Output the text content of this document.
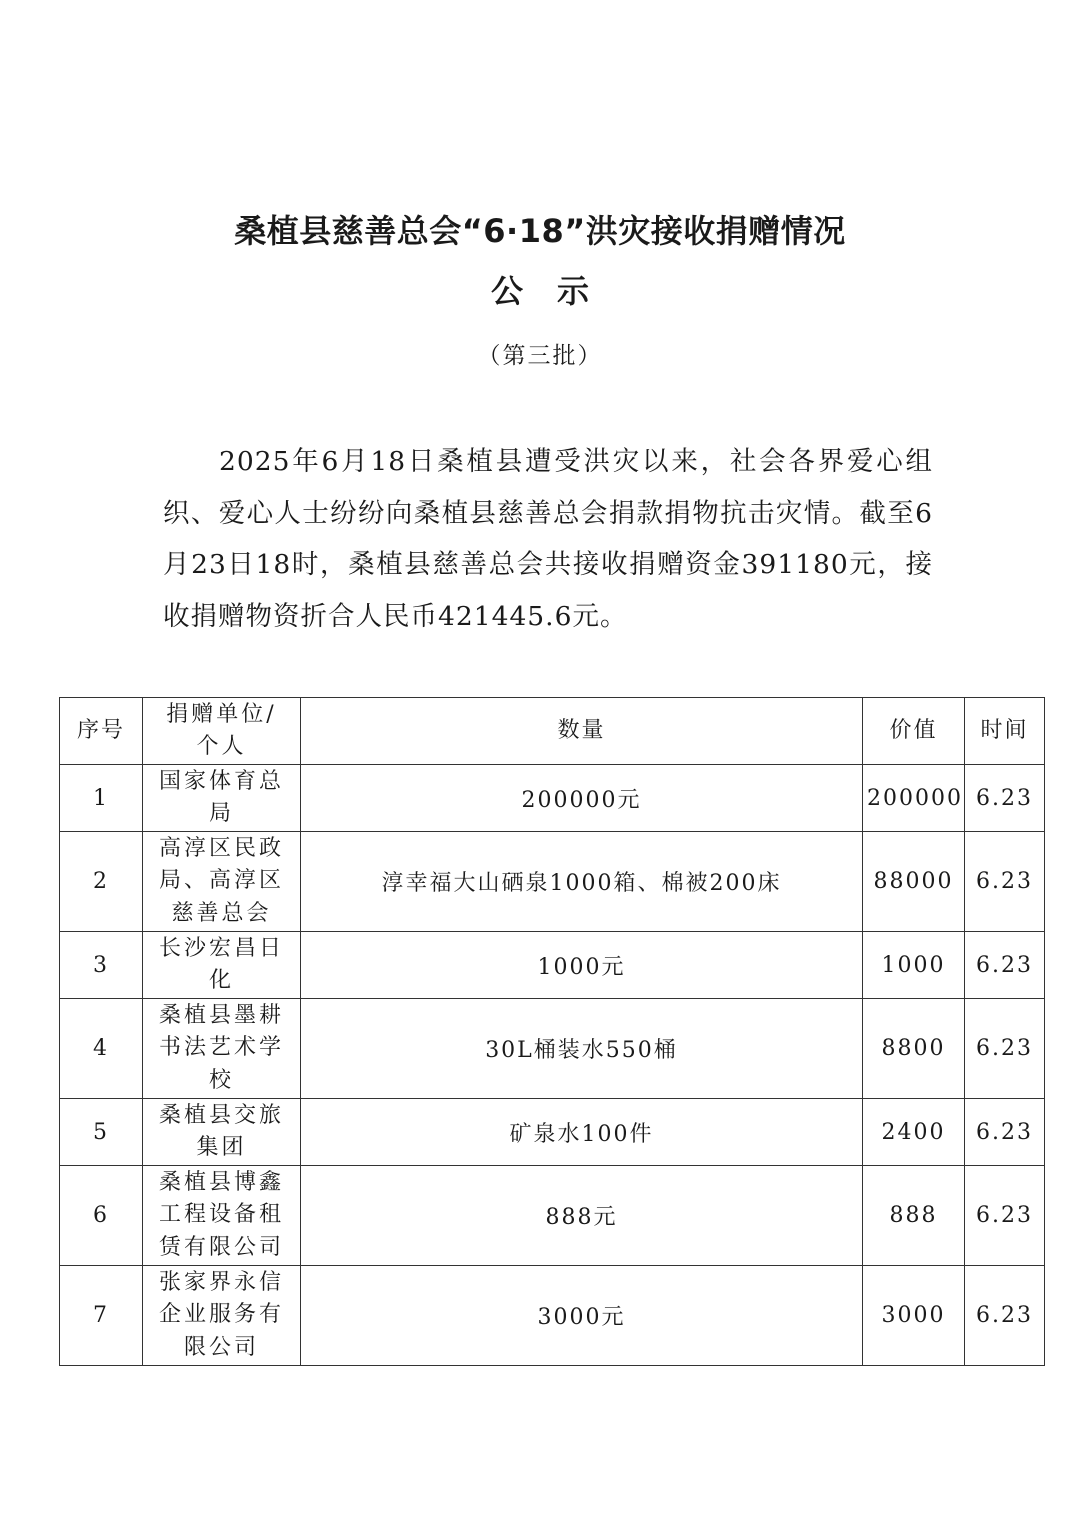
桑植县慈善总会“6·18”洪灾接收捐赠情况
公示
（第三批）

2025年6月18日桑植县遭受洪灾以来，社会各界爱心组织、爱心人士纷纷向桑植县慈善总会捐款捐物抗击灾情。截至6月23日18时，桑植县慈善总会共接收捐赠资金391180元，接收捐赠物资折合人民币421445.6元。

序号	捐赠单位/个人	数量	价值	时间
1	国家体育总局	200000元	200000	6.23
2	高淳区民政局、高淳区慈善总会	淳幸福大山硒泉1000箱、棉被200床	88000	6.23
3	长沙宏昌日化	1000元	1000	6.23
4	桑植县墨耕书法艺术学校	30L桶装水550桶	8800	6.23
5	桑植县交旅集团	矿泉水100件	2400	6.23
6	桑植县博鑫工程设备租赁有限公司	888元	888	6.23
7	张家界永信企业服务有限公司	3000元	3000	6.23
